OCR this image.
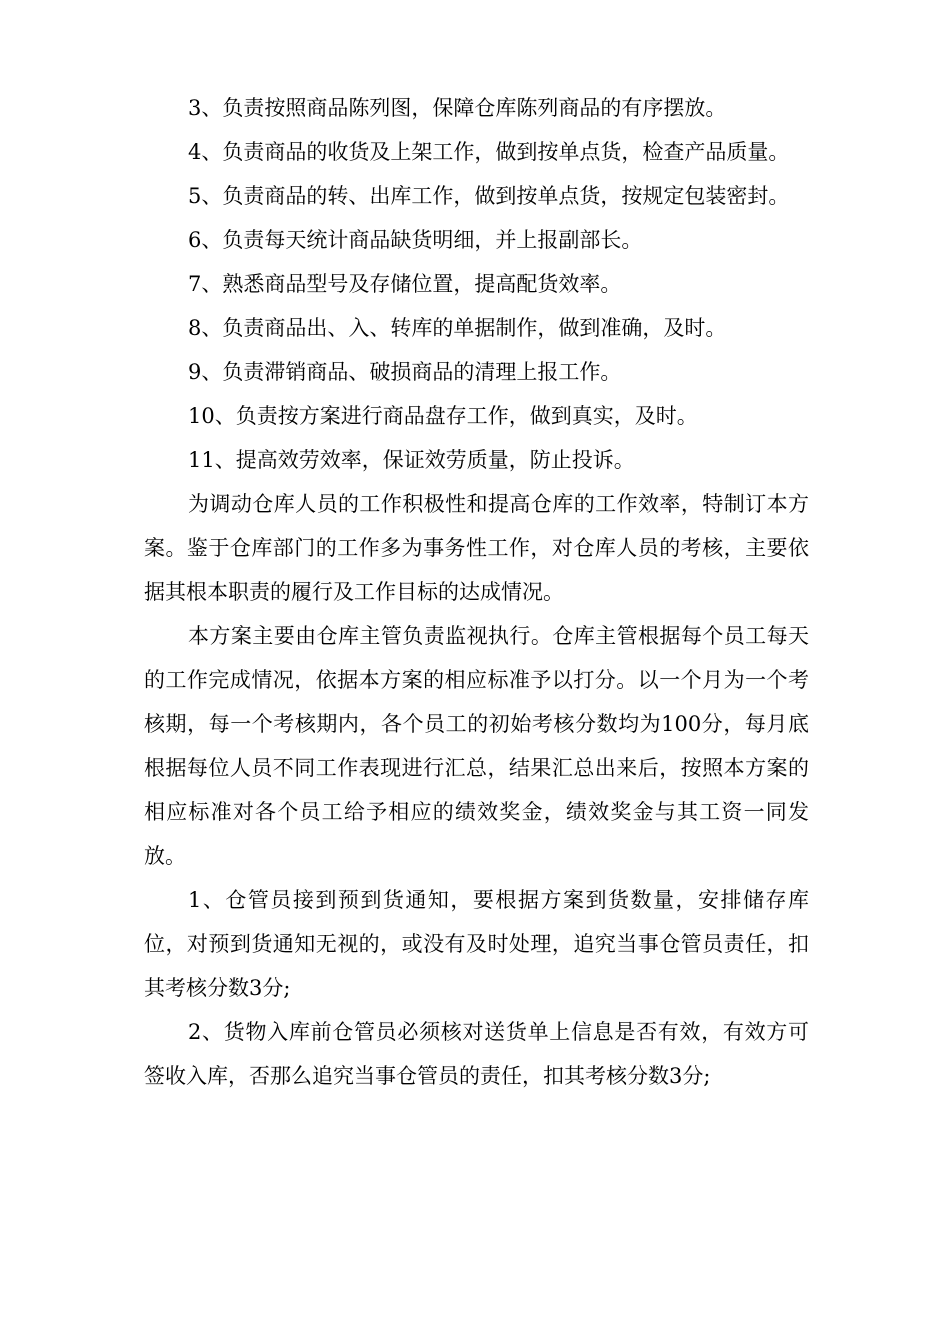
3、负责按照商品陈列图，保障仓库陈列商品的有序摆放。

4、负责商品的收货及上架工作，做到按单点货，检查产品质量。

5、负责商品的转、出库工作，做到按单点货，按规定包装密封。

6、负责每天统计商品缺货明细，并上报副部长。

7、熟悉商品型号及存储位置，提高配货效率。

8、负责商品出、入、转库的单据制作，做到准确，及时。

9、负责滞销商品、破损商品的清理上报工作。

10、负责按方案进行商品盘存工作，做到真实，及时。

11、提高效劳效率，保证效劳质量，防止投诉。

为调动仓库人员的工作积极性和提高仓库的工作效率，特制订本方案。鉴于仓库部门的工作多为事务性工作，对仓库人员的考核，主要依据其根本职责的履行及工作目标的达成情况。

本方案主要由仓库主管负责监视执行。仓库主管根据每个员工每天的工作完成情况，依据本方案的相应标准予以打分。以一个月为一个考核期，每一个考核期内，各个员工的初始考核分数均为100分，每月底根据每位人员不同工作表现进行汇总，结果汇总出来后，按照本方案的相应标准对各个员工给予相应的绩效奖金，绩效奖金与其工资一同发放。

1、仓管员接到预到货通知，要根据方案到货数量，安排储存库位，对预到货通知无视的，或没有及时处理，追究当事仓管员责任，扣其考核分数3分;

2、货物入库前仓管员必须核对送货单上信息是否有效，有效方可签收入库，否那么追究当事仓管员的责任，扣其考核分数3分;
